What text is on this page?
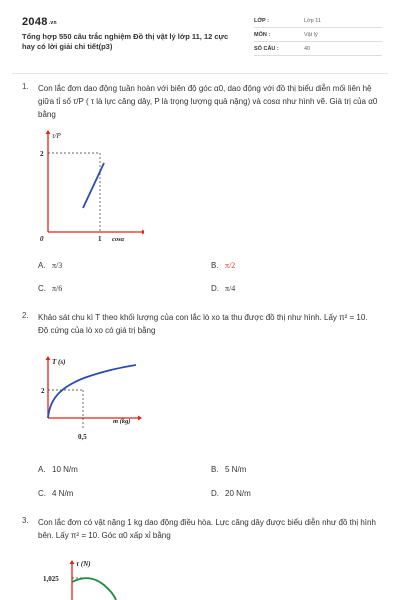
2048.vn
Tổng hợp 550 câu trắc nghiệm Đồ thị vật lý lớp 11, 12 cực hay có lời giải chi tiết(p3)
LỚP :	Lớp 11
MÔN :	Vật lý
SỐ CÂU :	40
1. Con lắc đơn dao động tuần hoàn với biên độ góc α0, dao động với đồ thị biểu diễn mối liên hệ giữa tỉ số τ/P ( τ là lực căng dây, P là trọng lượng quả nặng) và cosα như hình vẽ. Giá trị của α0 bằng
τ/P
2
0	1 cosα
A. π/3	B. π/2
C. π/6	D. π/4
2. Khảo sát chu kì T theo khối lượng của con lắc lò xo ta thu được đồ thị như hình. Lấy π² = 10. Độ cứng của lò xo có giá trị bằng
T (s)
2
m (kg)
0,5
A. 10 N/m	B. 5 N/m
C. 4 N/m	D. 20 N/m
3. Con lắc đơn có vật nặng 1 kg dao động điều hòa. Lực căng dây được biểu diễn như đồ thị hình bên. Lấy π² = 10. Góc α0 xấp xỉ bằng
τ (N)
1,025
